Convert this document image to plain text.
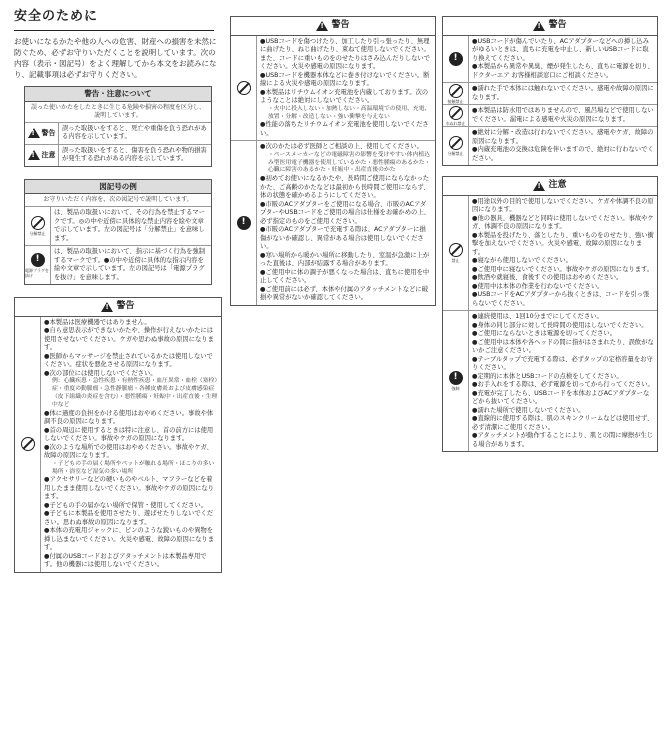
安全のために
お使いになるかたや他の人への危害、財産への損害を未然に防ぐため、必ずお守りいただくことを説明しています。次の内容（表示・図記号）をよく理解してから本文をお読みになり、記載事項は必ずお守りください。
警告・注意について
誤った使いかたをしたときに生じる危険や損害の程度を区分し、説明しています。
!
警告
誤った取扱いをすると、死亡や重傷を負う恐れがある内容を示しています。
!
注意
誤った取扱いをすると、傷害を負う恐れや物的損害が発生する恐れがある内容を示しています。
図記号の例
お守りいただく内容を、次の図記号で説明しています。
分解禁止
は、製品の取扱いにおいて、その行為を禁止するマークです。◎の中や近傍に具体的な禁止内容を絵や文章で示しています。左の図記号は「分解禁止」を意味します。
!
電源プラグを抜け
は、製品の取扱いにおいて、指示に基づく行為を強制するマークです。●の中や近傍に具体的な指示内容を絵や文章で示しています。左の図記号は「電源プラグを抜け」を意味します。
!
警告

●本製品は医療機器ではありません。

●自ら意思表示ができないかたや、操作が行えないかたには使用させないでください。ケガや思わぬ事故の原因になります。

●医師からマッサージを禁止されているかたは使用しないでください。症状を悪化させる原因になります。

●次の部位には使用しないでください。

例：心臓疾患・急性疾患・有熱性疾患・血圧異常・血栓（塞栓）症・重度の動脈瘤・急性静脈瘤・各種皮膚炎および皮膚感染症（皮下組織の炎症を含む）・悪性腫瘍・妊娠中・出産直後・生理中など

●体に過度の負担をかける使用はおやめください。事故や体調不良の原因になります。

●首の周辺に使用するときは特に注意し、首の前方には使用しないでください。事故やケガの原因になります。

●次のような場所での使用はおやめください。事故やケガ、故障の原因になります。

・子どもの手の届く場所やペットが触れる場所・ほこりの多い場所・浴室など湿気の多い場所

●アクセサリーなどの硬いものやベルト、マフラーなどを着用したまま使用しないでください。事故やケガの原因になります。

●子どもの手の届かない場所で保管・使用してください。

●子どもに本製品を使用させたり、遊ばせたりしないでください。思わぬ事故の原因になります。

●本体の充電用ジャックに、ピンのような鋭いものや異物を挿し込まないでください。火災や感電、故障の原因になります。

●付属のUSBコードおよびアタッチメントは本製品専用です。他の機器には使用しないでください。

!
警告

●USBコードを傷つけたり、加工したり引っ張ったり、無理に曲げたり、ねじ曲げたり、束ねて使用しないでください。また、コードに重いものをのせたりはさみ込んだりしないでください。火災や感電の原因になります。

●USBコードを機器本体などに巻き付けないでください。断線による火災や感電の原因になります。

●本製品はリチウムイオン充電池を内蔵しております。次のようなことは絶対にしないでください。

・火中に投入しない・加熱しない・高温環境での使用、充電、放置・分解・改造しない・強い衝撃を与えない

●性能の落ちたリチウムイオン充電池を使用しないでください。

!

●次のかたは必ず医師とご相談の上、使用してください。

・ペースメーカーなどの電磁障害の影響を受けやすい体内植込み型医用電子機器を使用しているかた・悪性腫瘍のあるかた・心臓に障害のあるかた・妊娠中・出産直後のかた

●初めてお使いになるかたや、長時間ご使用にならなかったかた、ご高齢のかたなどは最初から長時間ご使用にならず、体の状態を確かめるようにしてください。

●市販のACアダプターをご使用になる場合、市販のACアダプターやUSBコードをご使用の場合は仕様をお確かめの上、必ず指定のものをご使用ください。

●市販のACアダプターで充電する際は、ACアダプターに損傷がないか確認し、異常がある場合は使用しないでください。

●寒い場所から暖かい場所に移動したり、室温が急激に上がった直後は、内部が結露する場合があります。

●ご使用中に体の調子が悪くなった場合は、直ちに使用を中止してください。

●ご使用前には必ず、本体や付属のアタッチメントなどに破損や異常がないか確認してください。

!
警告
!

●USBコードが傷んでいたり、ACアダプターなどへの挿し込みがゆるいときは、直ちに充電を中止し、新しいUSBコードに取り換えてください。

●本製品から異常や異臭、煙が発生したら、直ちに電源を切り、ドクターエア お客様相談窓口にご相談ください。

接触禁止
●濡れた手で本体には触れないでください。感電や故障の原因になります。
水ぬれ禁止
●本製品は防水用ではありませんので、風呂場などで使用しないでください。漏電による感電や火災の原因になります。
分解禁止

●絶対に分解・改造は行わないでください。感電やケガ、故障の原因になります。

●内蔵充電池の交換は危険を伴いますので、絶対に行わないでください。

!
注意
禁止

●用途以外の目的で使用しないでください。ケガや体調不良の原因になります。

●他の器具、機器などと同時に使用しないでください。事故やケガ、体調不良の原因になります。

●本製品を投げたり、落としたり、重いものをのせたり、強い衝撃を加えないでください。火災や感電、故障の原因になります。

●寝ながら使用しないでください。

●ご使用中に寝ないでください。事故やケガの原因になります。

●飲酒や就寝後、食後すぐの使用はおやめください。

●使用中は本体の作業を行わないでください。

●USBコードをACアダプターから抜くときは、コードを引っ張らないでください。

!
強制

●連続使用は、1回10分までにしてください。

●身体の同じ部分に対して長時間の使用はしないでください。

●ご使用にならないときは電源を切ってください。

●ご使用中は本体や各ヘッドの間に指がはさまれたり、誤飲がないかご注意ください。

●テーブルタップで充電する際は、必ずタップの定格容量をお守りください。

●定期的に本体とUSBコードの点検をしてください。

●お手入れをする際は、必ず電源を切ってから行ってください。

●充電が完了したら、USBコードを本体およびACアダプターなどから抜いてください。

●濡れた場所で使用しないでください。

●直線的に使用する際は、肌のスキンクリームなどは使用せず、必ず清潔にご使用ください。

●アタッチメントが動作することにより、肌との間に摩擦が生じる場合があります。
